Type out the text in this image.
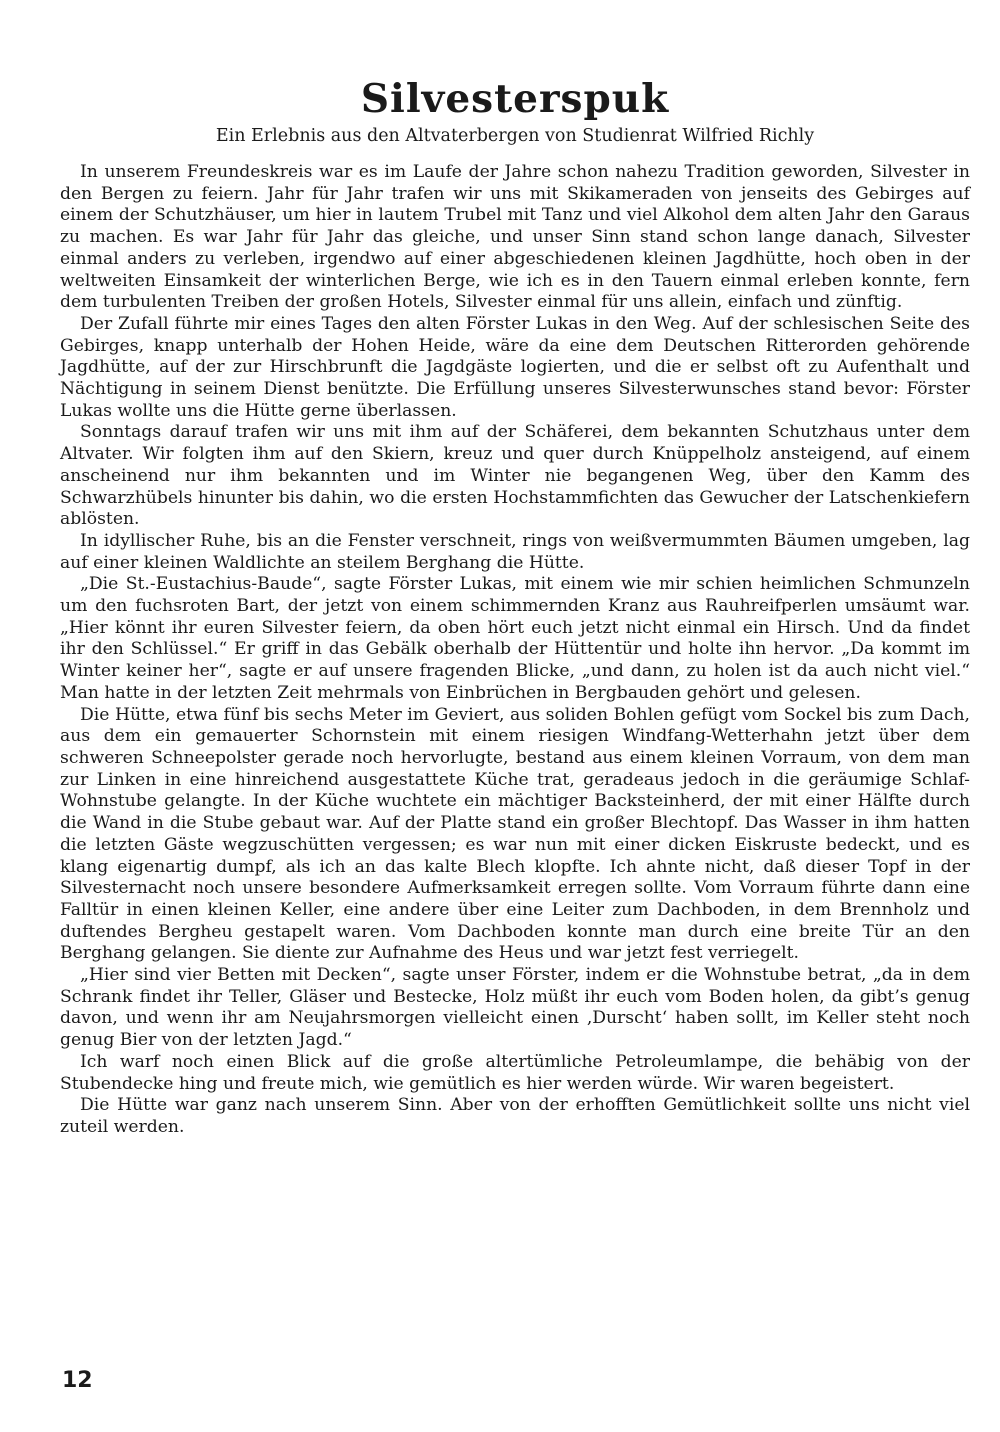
Silvesterspuk
Ein Erlebnis aus den Altvaterbergen von Studienrat Wilfried Richly

In unserem Freundeskreis war es im Laufe der Jahre schon nahezu Tradition geworden, Silvester in den Bergen zu feiern. Jahr für Jahr trafen wir uns mit Skikameraden von jenseits des Gebirges auf einem der Schutzhäuser, um hier in lautem Trubel mit Tanz und viel Alkohol dem alten Jahr den Garaus zu machen. Es war Jahr für Jahr das gleiche, und unser Sinn stand schon lange danach, Silvester einmal anders zu verleben, irgendwo auf einer abgeschiedenen kleinen Jagdhütte, hoch oben in der weltweiten Einsamkeit der winterlichen Berge, wie ich es in den Tauern einmal erleben konnte, fern dem turbulenten Treiben der großen Hotels, Silvester einmal für uns allein, einfach und zünftig.

Der Zufall führte mir eines Tages den alten Förster Lukas in den Weg. Auf der schlesischen Seite des Gebirges, knapp unterhalb der Hohen Heide, wäre da eine dem Deutschen Ritterorden gehörende Jagdhütte, auf der zur Hirschbrunft die Jagdgäste logierten, und die er selbst oft zu Aufenthalt und Nächtigung in seinem Dienst benützte. Die Erfüllung unseres Silvesterwunsches stand bevor: Förster Lukas wollte uns die Hütte gerne überlassen.

Sonntags darauf trafen wir uns mit ihm auf der Schäferei, dem bekannten Schutzhaus unter dem Altvater. Wir folgten ihm auf den Skiern, kreuz und quer durch Knüppelholz ansteigend, auf einem anscheinend nur ihm bekannten und im Winter nie begangenen Weg, über den Kamm des Schwarzhübels hinunter bis dahin, wo die ersten Hochstammfichten das Gewucher der Latschenkiefern ablösten.

In idyllischer Ruhe, bis an die Fenster verschneit, rings von weißvermummten Bäumen umgeben, lag auf einer kleinen Waldlichte an steilem Berghang die Hütte.

„Die St.-Eustachius-Baude“, sagte Förster Lukas, mit einem wie mir schien heimlichen Schmunzeln um den fuchsroten Bart, der jetzt von einem schimmernden Kranz aus Rauhreifperlen umsäumt war. „Hier könnt ihr euren Silvester feiern, da oben hört euch jetzt nicht einmal ein Hirsch. Und da findet ihr den Schlüssel.“ Er griff in das Gebälk oberhalb der Hüttentür und holte ihn hervor. „Da kommt im Winter keiner her“, sagte er auf unsere fragenden Blicke, „und dann, zu holen ist da auch nicht viel.“ Man hatte in der letzten Zeit mehrmals von Einbrüchen in Bergbauden gehört und gelesen.

Die Hütte, etwa fünf bis sechs Meter im Geviert, aus soliden Bohlen gefügt vom Sockel bis zum Dach, aus dem ein gemauerter Schornstein mit einem riesigen Windfang-Wetterhahn jetzt über dem schweren Schneepolster gerade noch hervorlugte, bestand aus einem kleinen Vorraum, von dem man zur Linken in eine hinreichend ausgestattete Küche trat, geradeaus jedoch in die geräumige Schlaf-Wohnstube gelangte. In der Küche wuchtete ein mächtiger Backsteinherd, der mit einer Hälfte durch die Wand in die Stube gebaut war. Auf der Platte stand ein großer Blechtopf. Das Wasser in ihm hatten die letzten Gäste wegzuschütten vergessen; es war nun mit einer dicken Eiskruste bedeckt, und es klang eigenartig dumpf, als ich an das kalte Blech klopfte. Ich ahnte nicht, daß dieser Topf in der Silvesternacht noch unsere besondere Aufmerksamkeit erregen sollte. Vom Vorraum führte dann eine Falltür in einen kleinen Keller, eine andere über eine Leiter zum Dachboden, in dem Brennholz und duftendes Bergheu gestapelt waren. Vom Dachboden konnte man durch eine breite Tür an den Berghang gelangen. Sie diente zur Aufnahme des Heus und war jetzt fest verriegelt.

„Hier sind vier Betten mit Decken“, sagte unser Förster, indem er die Wohnstube betrat, „da in dem Schrank findet ihr Teller, Gläser und Bestecke, Holz müßt ihr euch vom Boden holen, da gibt’s genug davon, und wenn ihr am Neujahrsmorgen vielleicht einen ‚Durscht‘ haben sollt, im Keller steht noch genug Bier von der letzten Jagd.“

Ich warf noch einen Blick auf die große altertümliche Petroleumlampe, die behäbig von der Stubendecke hing und freute mich, wie gemütlich es hier werden würde. Wir waren begeistert.

Die Hütte war ganz nach unserem Sinn. Aber von der erhofften Gemütlichkeit sollte uns nicht viel zuteil werden.

12
